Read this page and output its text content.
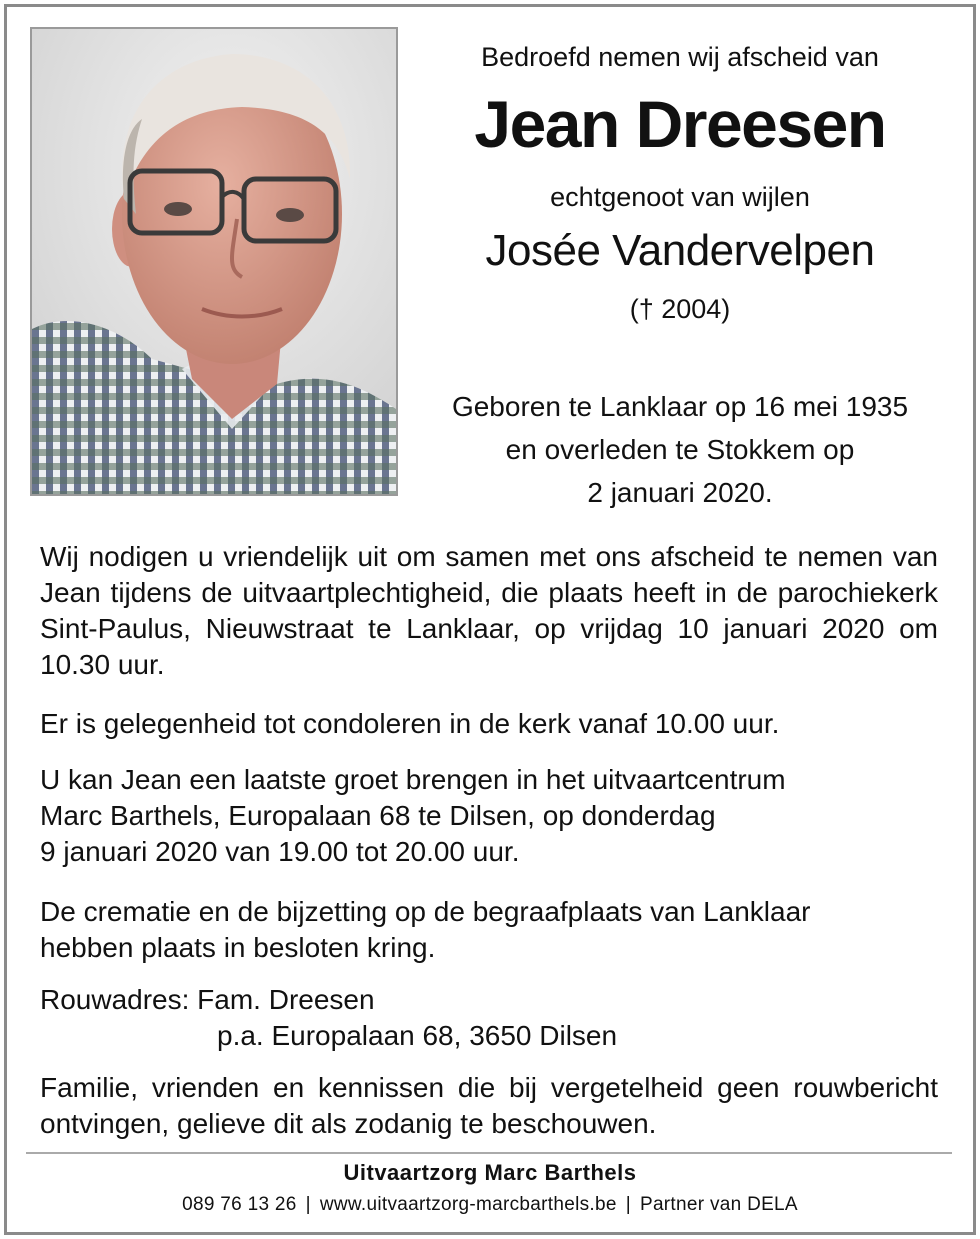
Bedroefd nemen wij afscheid van
Jean Dreesen
echtgenoot van wijlen
Josée Vandervelpen
(† 2004)
Geboren te Lanklaar op 16 mei 1935
en overleden te Stokkem op
2 januari 2020.
Wij nodigen u vriendelijk uit om samen met ons afscheid te nemen van Jean tijdens de uitvaartplechtigheid, die plaats heeft in de parochiekerk Sint-Paulus, Nieuwstraat te Lanklaar, op vrijdag 10 januari 2020 om 10.30 uur.
Er is gelegenheid tot condoleren in de kerk vanaf 10.00 uur.
U kan Jean een laatste groet brengen in het uitvaartcentrum
Marc Barthels, Europalaan 68 te Dilsen, op donderdag
9 januari 2020 van 19.00 tot 20.00 uur.
De crematie en de bijzetting op de begraafplaats van Lanklaar
hebben plaats in besloten kring.
Rouwadres: Fam. Dreesen
p.a. Europalaan 68, 3650 Dilsen
Familie, vrienden en kennissen die bij vergetelheid geen rouwbericht ontvingen, gelieve dit als zodanig te beschouwen.
Uitvaartzorg Marc Barthels
089 76 13 26 | www.uitvaartzorg-marcbarthels.be | Partner van DELA
